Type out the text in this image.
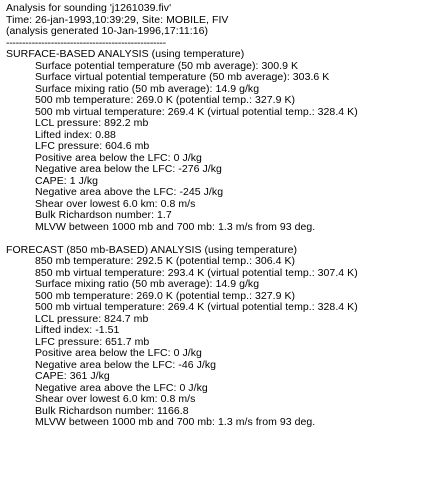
Analysis for sounding 'j1261039.fiv'
Time: 26-jan-1993,10:39:29, Site: MOBILE, FIV
(analysis generated 10-Jan-1996,17:11:16)
--------------------------------------------------
SURFACE-BASED ANALYSIS (using temperature)
Surface potential temperature (50 mb average): 300.9 K
Surface virtual potential temperature (50 mb average): 303.6 K
Surface mixing ratio (50 mb average): 14.9 g/kg
500 mb temperature: 269.0 K (potential temp.: 327.9 K)
500 mb virtual temperature: 269.4 K (virtual potential temp.: 328.4 K)
LCL pressure: 892.2 mb
Lifted index: 0.88
LFC pressure: 604.6 mb
Positive area below the LFC: 0 J/kg
Negative area below the LFC: -276 J/kg
CAPE: 1 J/kg
Negative area above the LFC: -245 J/kg
Shear over lowest 6.0 km: 0.8 m/s
Bulk Richardson number: 1.7
MLVW between 1000 mb and 700 mb: 1.3 m/s from 93 deg.
FORECAST (850 mb-BASED) ANALYSIS (using temperature)
850 mb temperature: 292.5 K (potential temp.: 306.4 K)
850 mb virtual temperature: 293.4 K (virtual potential temp.: 307.4 K)
Surface mixing ratio (50 mb average): 14.9 g/kg
500 mb temperature: 269.0 K (potential temp.: 327.9 K)
500 mb virtual temperature: 269.4 K (virtual potential temp.: 328.4 K)
LCL pressure: 824.7 mb
Lifted index: -1.51
LFC pressure: 651.7 mb
Positive area below the LFC: 0 J/kg
Negative area below the LFC: -46 J/kg
CAPE: 361 J/kg
Negative area above the LFC: 0 J/kg
Shear over lowest 6.0 km: 0.8 m/s
Bulk Richardson number: 1166.8
MLVW between 1000 mb and 700 mb: 1.3 m/s from 93 deg.
